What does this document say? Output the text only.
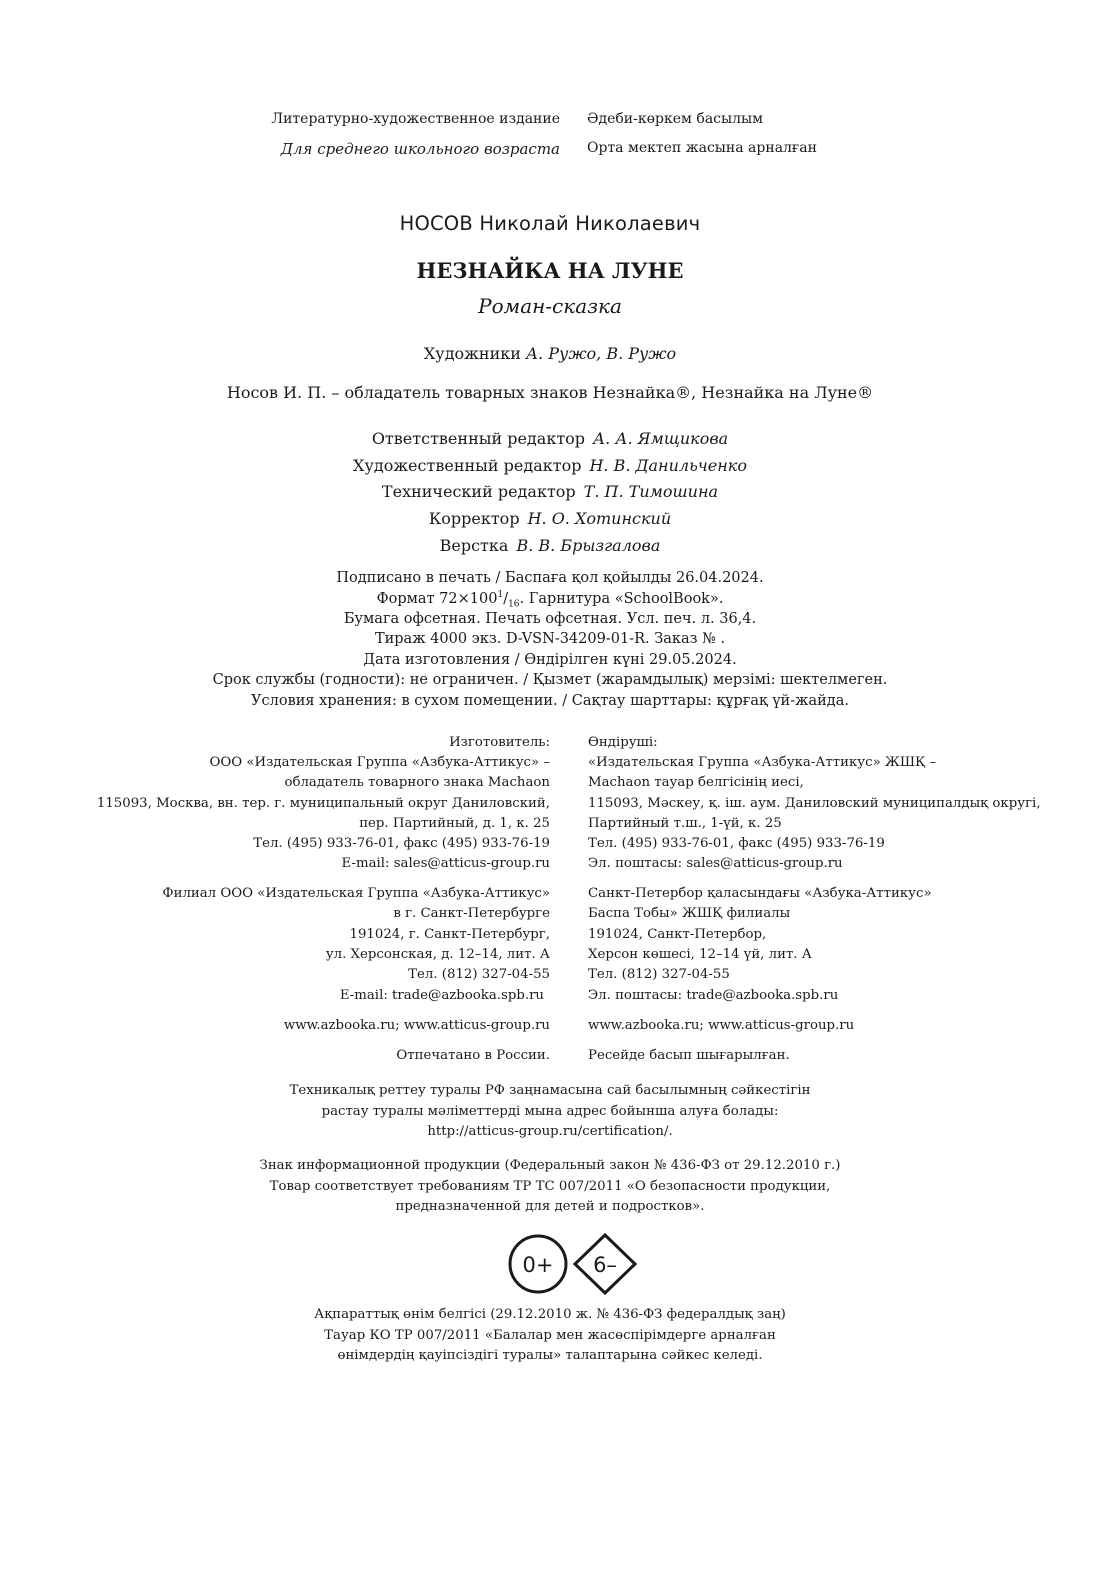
Литературно-художественное издание
Для среднего школьного возраста
Әдеби-көркем басылым
Орта мектеп жасына арналған
НОСОВ Николай Николаевич
НЕЗНАЙКА НА ЛУНЕ
Роман-сказка
Художники А. Ружо, В. Ружо
Носов И. П. – обладатель товарных знаков Незнайка®, Незнайка на Луне®
Ответственный редактор А. А. Ямщикова
Художественный редактор Н. В. Данильченко
Технический редактор Т. П. Тимошина
Корректор Н. О. Хотинский
Верстка В. В. Брызгалова
Подписано в печать / Баспаға қол қойылды 26.04.2024.
Формат $72\times 100^1/_{16}$. Гарнитура «SchoolBook».
Бумага офсетная. Печать офсетная. Усл. печ. л. 36,4.
Тираж 4000 экз. D-VSN-34209-01-R. Заказ № .
Дата изготовления / Өндірілген күні 29.05.2024.
Срок службы (годности): не ограничен. / Қызмет (жарамдылық) мерзімі: шектелмеген.
Условия хранения: в сухом помещении. / Сақтау шарттары: құрғақ үй-жайда.
Изготовитель:
ООО «Издательская Группа «Азбука-Аттикус» –
обладатель товарного знака Machaon
115093, Москва, вн. тер. г. муниципальный округ Даниловский,
пер. Партийный, д. 1, к. 25
Тел. (495) 933-76-01, факс (495) 933-76-19
E-mail: sales@atticus-group.ru
Өндіруші:
«Издательская Группа «Азбука-Аттикус» ЖШҚ –
Machaon тауар белгісінің иесі,
115093, Мәскеу, қ. іш. аум. Даниловский муниципалдық округі,
Партийный т.ш., 1-үй, к. 25
Тел. (495) 933-76-01, факс (495) 933-76-19
Эл. поштасы: sales@atticus-group.ru
Филиал ООО «Издательская Группа «Азбука-Аттикус»
в г. Санкт-Петербурге
191024, г. Санкт-Петербург,
ул. Херсонская, д. 12–14, лит. А
Тел. (812) 327-04-55
E-mail: trade@azbooka.spb.ru
Санкт-Петербор қаласындағы «Азбука-Аттикус»
Баспа Тобы» ЖШҚ филиалы
191024, Санкт-Петербор,
Херсон көшесі, 12–14 үй, лит. А
Тел. (812) 327-04-55
Эл. поштасы: trade@azbooka.spb.ru
www.azbooka.ru; www.atticus-group.ru	www.azbooka.ru; www.atticus-group.ru
Отпечатано в России.	Ресейде басып шығарылған.
Техникалық реттеу туралы РФ заңнамасына сай басылымның сәйкестігін
растау туралы мәліметтерді мына адрес бойынша алуға болады:
http://atticus-group.ru/certification/.
Знак информационной продукции (Федеральный закон № 436-ФЗ от 29.12.2010 г.)
Товар соответствует требованиям ТР ТС 007/2011 «О безопасности продукции,
предназначенной для детей и подростков».
0+ 6–
Ақпараттық өнім белгісі (29.12.2010 ж. № 436-ФЗ федералдық заң)
Тауар КО ТР 007/2011 «Балалар мен жасөспірімдерге арналған
өнімдердің қауіпсіздігі туралы» талаптарына сәйкес келеді.
